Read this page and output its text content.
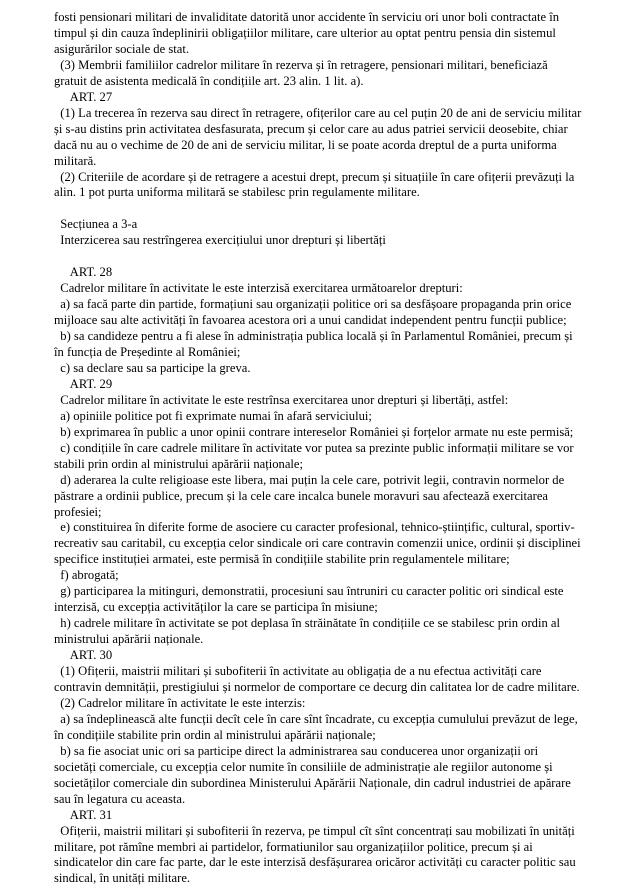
fosti pensionari militari de invaliditate datorită unor accidente în serviciu ori unor boli contractate în timpul și din cauza îndeplinirii obligațiilor militare, care ulterior au optat pentru pensia din sistemul asigurărilor sociale de stat.

(3) Membrii familiilor cadrelor militare în rezerva și în retragere, pensionari militari, beneficiază gratuit de asistenta medicală în condițiile art. 23 alin. 1 lit. a).

ART. 27

(1) La trecerea în rezerva sau direct în retragere, ofițerilor care au cel puțin 20 de ani de serviciu militar și s-au distins prin activitatea desfasurata, precum și celor care au adus patriei servicii deosebite, chiar dacă nu au o vechime de 20 de ani de serviciu militar, li se poate acorda dreptul de a purta uniforma militară.

(2) Criteriile de acordare și de retragere a acestui drept, precum și situațiile în care ofițerii prevăzuți la alin. 1 pot purta uniforma militară se stabilesc prin regulamente militare.

Secțiunea a 3-a

Interzicerea sau restrîngerea exercițiului unor drepturi și libertăți

ART. 28

Cadrelor militare în activitate le este interzisă exercitarea următoarelor drepturi:

a) sa facă parte din partide, formațiuni sau organizații politice ori sa desfășoare propaganda prin orice mijloace sau alte activități în favoarea acestora ori a unui candidat independent pentru funcții publice;

b) sa candideze pentru a fi alese în administrația publica locală și în Parlamentul României, precum și în funcția de Președinte al României;

c) sa declare sau sa participe la greva.

ART. 29

Cadrelor militare în activitate le este restrînsa exercitarea unor drepturi și libertăți, astfel:

a) opiniile politice pot fi exprimate numai în afară serviciului;

b) exprimarea în public a unor opinii contrare intereselor României și forțelor armate nu este permisă;

c) condițiile în care cadrele militare în activitate vor putea sa prezinte public informații militare se vor stabili prin ordin al ministrului apărării naționale;

d) aderarea la culte religioase este libera, mai puțin la cele care, potrivit legii, contravin normelor de păstrare a ordinii publice, precum și la cele care incalca bunele moravuri sau afectează exercitarea profesiei;

e) constituirea în diferite forme de asociere cu caracter profesional, tehnico-științific, cultural, sportiv-recreativ sau caritabil, cu excepția celor sindicale ori care contravin comenzii unice, ordinii și disciplinei specifice instituției armatei, este permisă în condițiile stabilite prin regulamentele militare;

f) abrogată;

g) participarea la mitinguri, demonstratii, procesiuni sau întruniri cu caracter politic ori sindical este interzisă, cu excepția activităților la care se participa în misiune;

h) cadrele militare în activitate se pot deplasa în străinătate în condițiile ce se stabilesc prin ordin al ministrului apărării naționale.

ART. 30

(1) Ofițerii, maistrii militari și subofiterii în activitate au obligația de a nu efectua activități care contravin demnității, prestigiului și normelor de comportare ce decurg din calitatea lor de cadre militare.

(2) Cadrelor militare în activitate le este interzis:

a) sa îndeplinească alte funcții decît cele în care sînt încadrate, cu excepția cumulului prevăzut de lege, în condițiile stabilite prin ordin al ministrului apărării naționale;

b) sa fie asociat unic ori sa participe direct la administrarea sau conducerea unor organizații ori societăți comerciale, cu excepția celor numite în consiliile de administrație ale regiilor autonome și societăților comerciale din subordinea Ministerului Apărării Naționale, din cadrul industriei de apărare sau în legatura cu aceasta.

ART. 31

Ofițerii, maistrii militari și subofiterii în rezerva, pe timpul cît sînt concentrați sau mobilizati în unități militare, pot rămîne membri ai partidelor, formatiunilor sau organizațiilor politice, precum și ai sindicatelor din care fac parte, dar le este interzisă desfășurarea oricăror activități cu caracter politic sau sindical, în unități militare.
